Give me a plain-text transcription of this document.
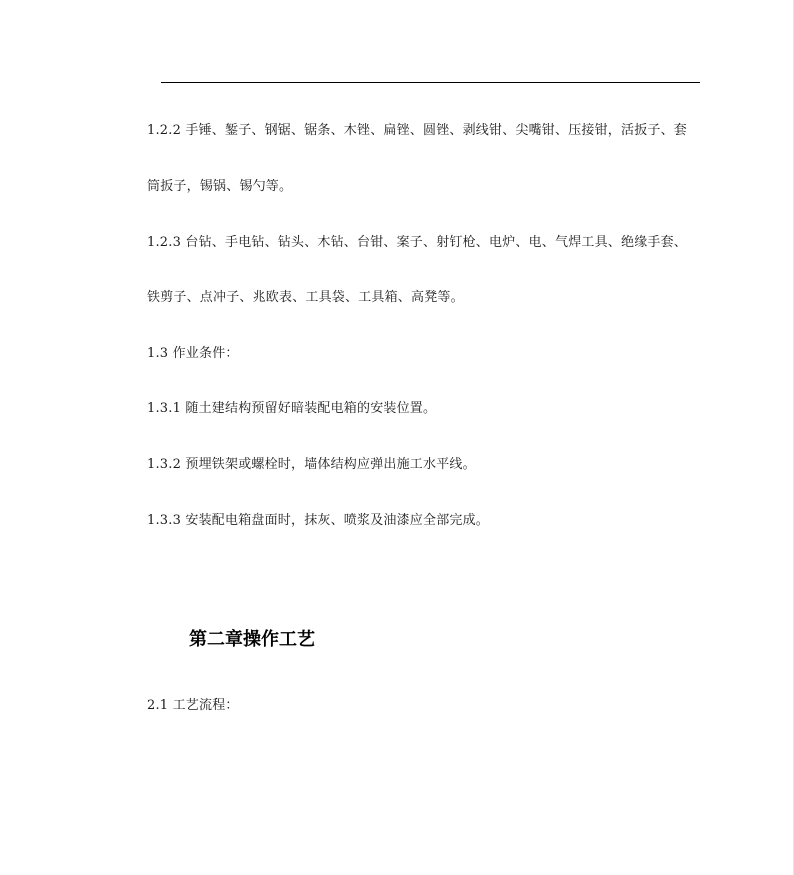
1.2.2 手锤、錾子、钢锯、锯条、木锉、扁锉、圆锉、剥线钳、尖嘴钳、压接钳，活扳子、套
筒扳子，锡锅、锡勺等。
1.2.3 台钻、手电钻、钻头、木钻、台钳、案子、射钉枪、电炉、电、气焊工具、绝缘手套、
铁剪子、点冲子、兆欧表、工具袋、工具箱、高凳等。
1.3 作业条件：
1.3.1 随土建结构预留好暗装配电箱的安装位置。
1.3.2 预埋铁架或螺栓时，墙体结构应弹出施工水平线。
1.3.3 安装配电箱盘面时，抹灰、喷浆及油漆应全部完成。
第二章操作工艺
2.1 工艺流程：
